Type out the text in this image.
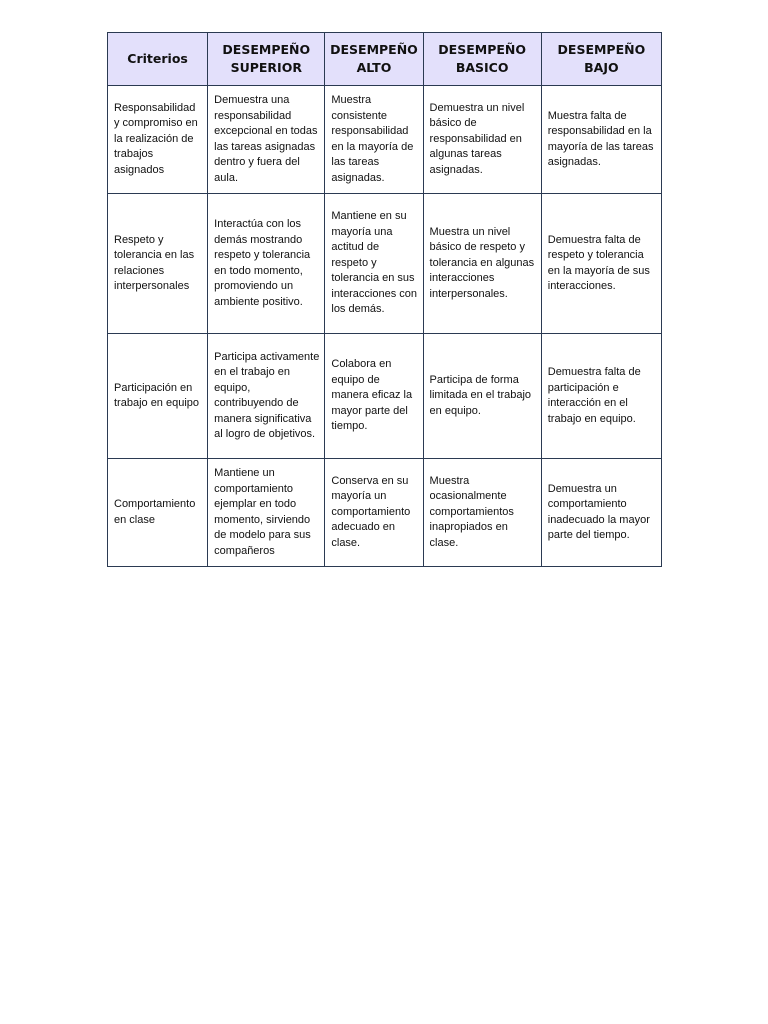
Criterios	DESEMPEÑO SUPERIOR	DESEMPEÑO ALTO	DESEMPEÑO BASICO	DESEMPEÑO BAJO
Responsabilidad y compromiso en la realización de trabajos asignados	Demuestra una responsabilidad excepcional en todas las tareas asignadas dentro y fuera del aula.	Muestra consistente responsabilidad en la mayoría de las tareas asignadas.	Demuestra un nivel básico de responsabilidad en algunas tareas asignadas.	Muestra falta de responsabilidad en la mayoría de las tareas asignadas.
Respeto y tolerancia en las relaciones interpersonales	Interactúa con los demás mostrando respeto y tolerancia en todo momento, promoviendo un ambiente positivo.	Mantiene en su mayoría una actitud de respeto y tolerancia en sus interacciones con los demás.	Muestra un nivel básico de respeto y tolerancia en algunas interacciones interpersonales.	Demuestra falta de respeto y tolerancia en la mayoría de sus interacciones.
Participación en trabajo en equipo	Participa activamente en el trabajo en equipo, contribuyendo de manera significativa al logro de objetivos.	Colabora en equipo de manera eficaz la mayor parte del tiempo.	Participa de forma limitada en el trabajo en equipo.	Demuestra falta de participación e interacción en el trabajo en equipo.
Comportamiento en clase	Mantiene un comportamiento ejemplar en todo momento, sirviendo de modelo para sus compañeros	Conserva en su mayoría un comportamiento adecuado en clase.	Muestra ocasionalmente comportamientos inapropiados en clase.	Demuestra un comportamiento inadecuado la mayor parte del tiempo.
